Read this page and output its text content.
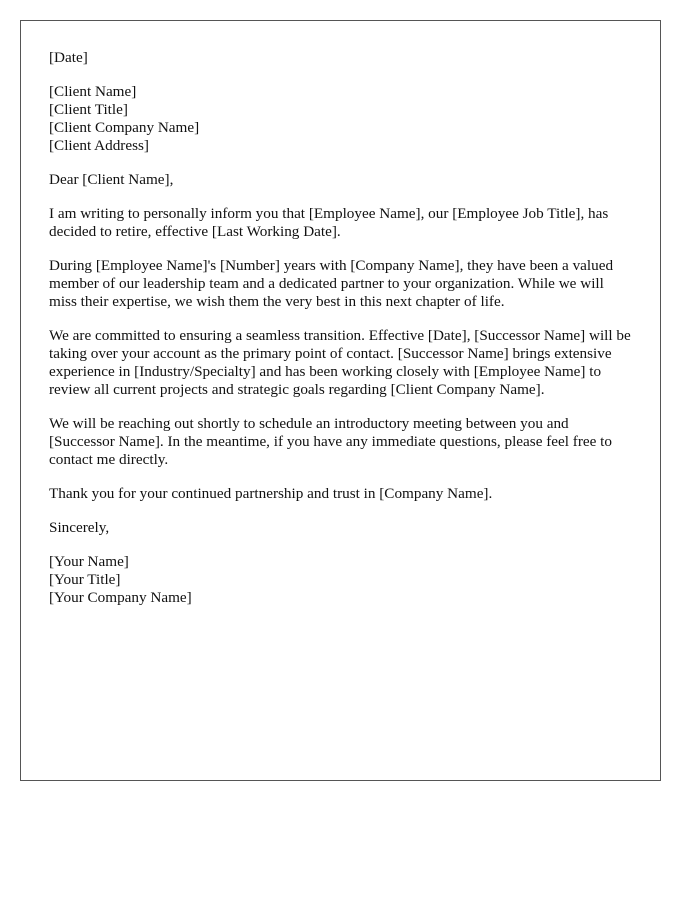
[Date]

[Client Name]
[Client Title]
[Client Company Name]
[Client Address]

Dear [Client Name],

I am writing to personally inform you that [Employee Name], our [Employee Job Title], has decided to retire, effective [Last Working Date].

During [Employee Name]'s [Number] years with [Company Name], they have been a valued member of our leadership team and a dedicated partner to your organization. While we will miss their expertise, we wish them the very best in this next chapter of life.

We are committed to ensuring a seamless transition. Effective [Date], [Successor Name] will be taking over your account as the primary point of contact. [Successor Name] brings extensive experience in [Industry/Specialty] and has been working closely with [Employee Name] to review all current projects and strategic goals regarding [Client Company Name].

We will be reaching out shortly to schedule an introductory meeting between you and [Successor Name]. In the meantime, if you have any immediate questions, please feel free to contact me directly.

Thank you for your continued partnership and trust in [Company Name].

Sincerely,

[Your Name]
[Your Title]
[Your Company Name]
